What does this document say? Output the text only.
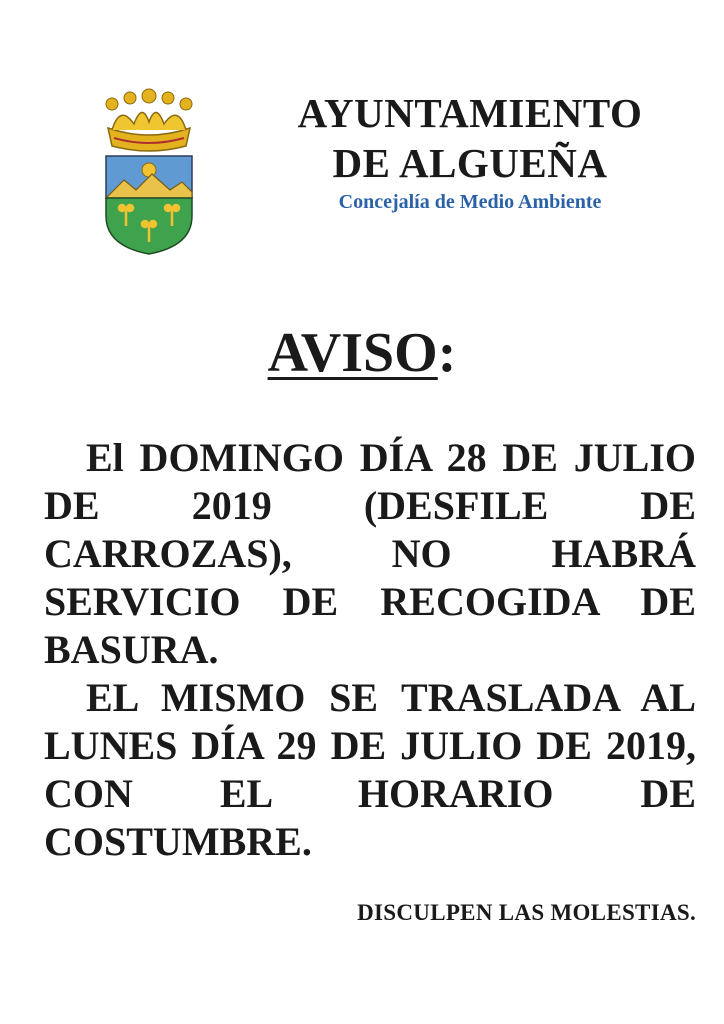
AYUNTAMIENTO
DE ALGUEÑA
Concejalía de Medio Ambiente
AVISO:

El DOMINGO DÍA 28 DE JULIO DE 2019 (DESFILE DE CARROZAS), NO HABRÁ SERVICIO DE RECOGIDA DE BASURA.

EL MISMO SE TRASLADA AL LUNES DÍA 29 DE JULIO DE 2019, CON EL HORARIO DE COSTUMBRE.

DISCULPEN LAS MOLESTIAS.
